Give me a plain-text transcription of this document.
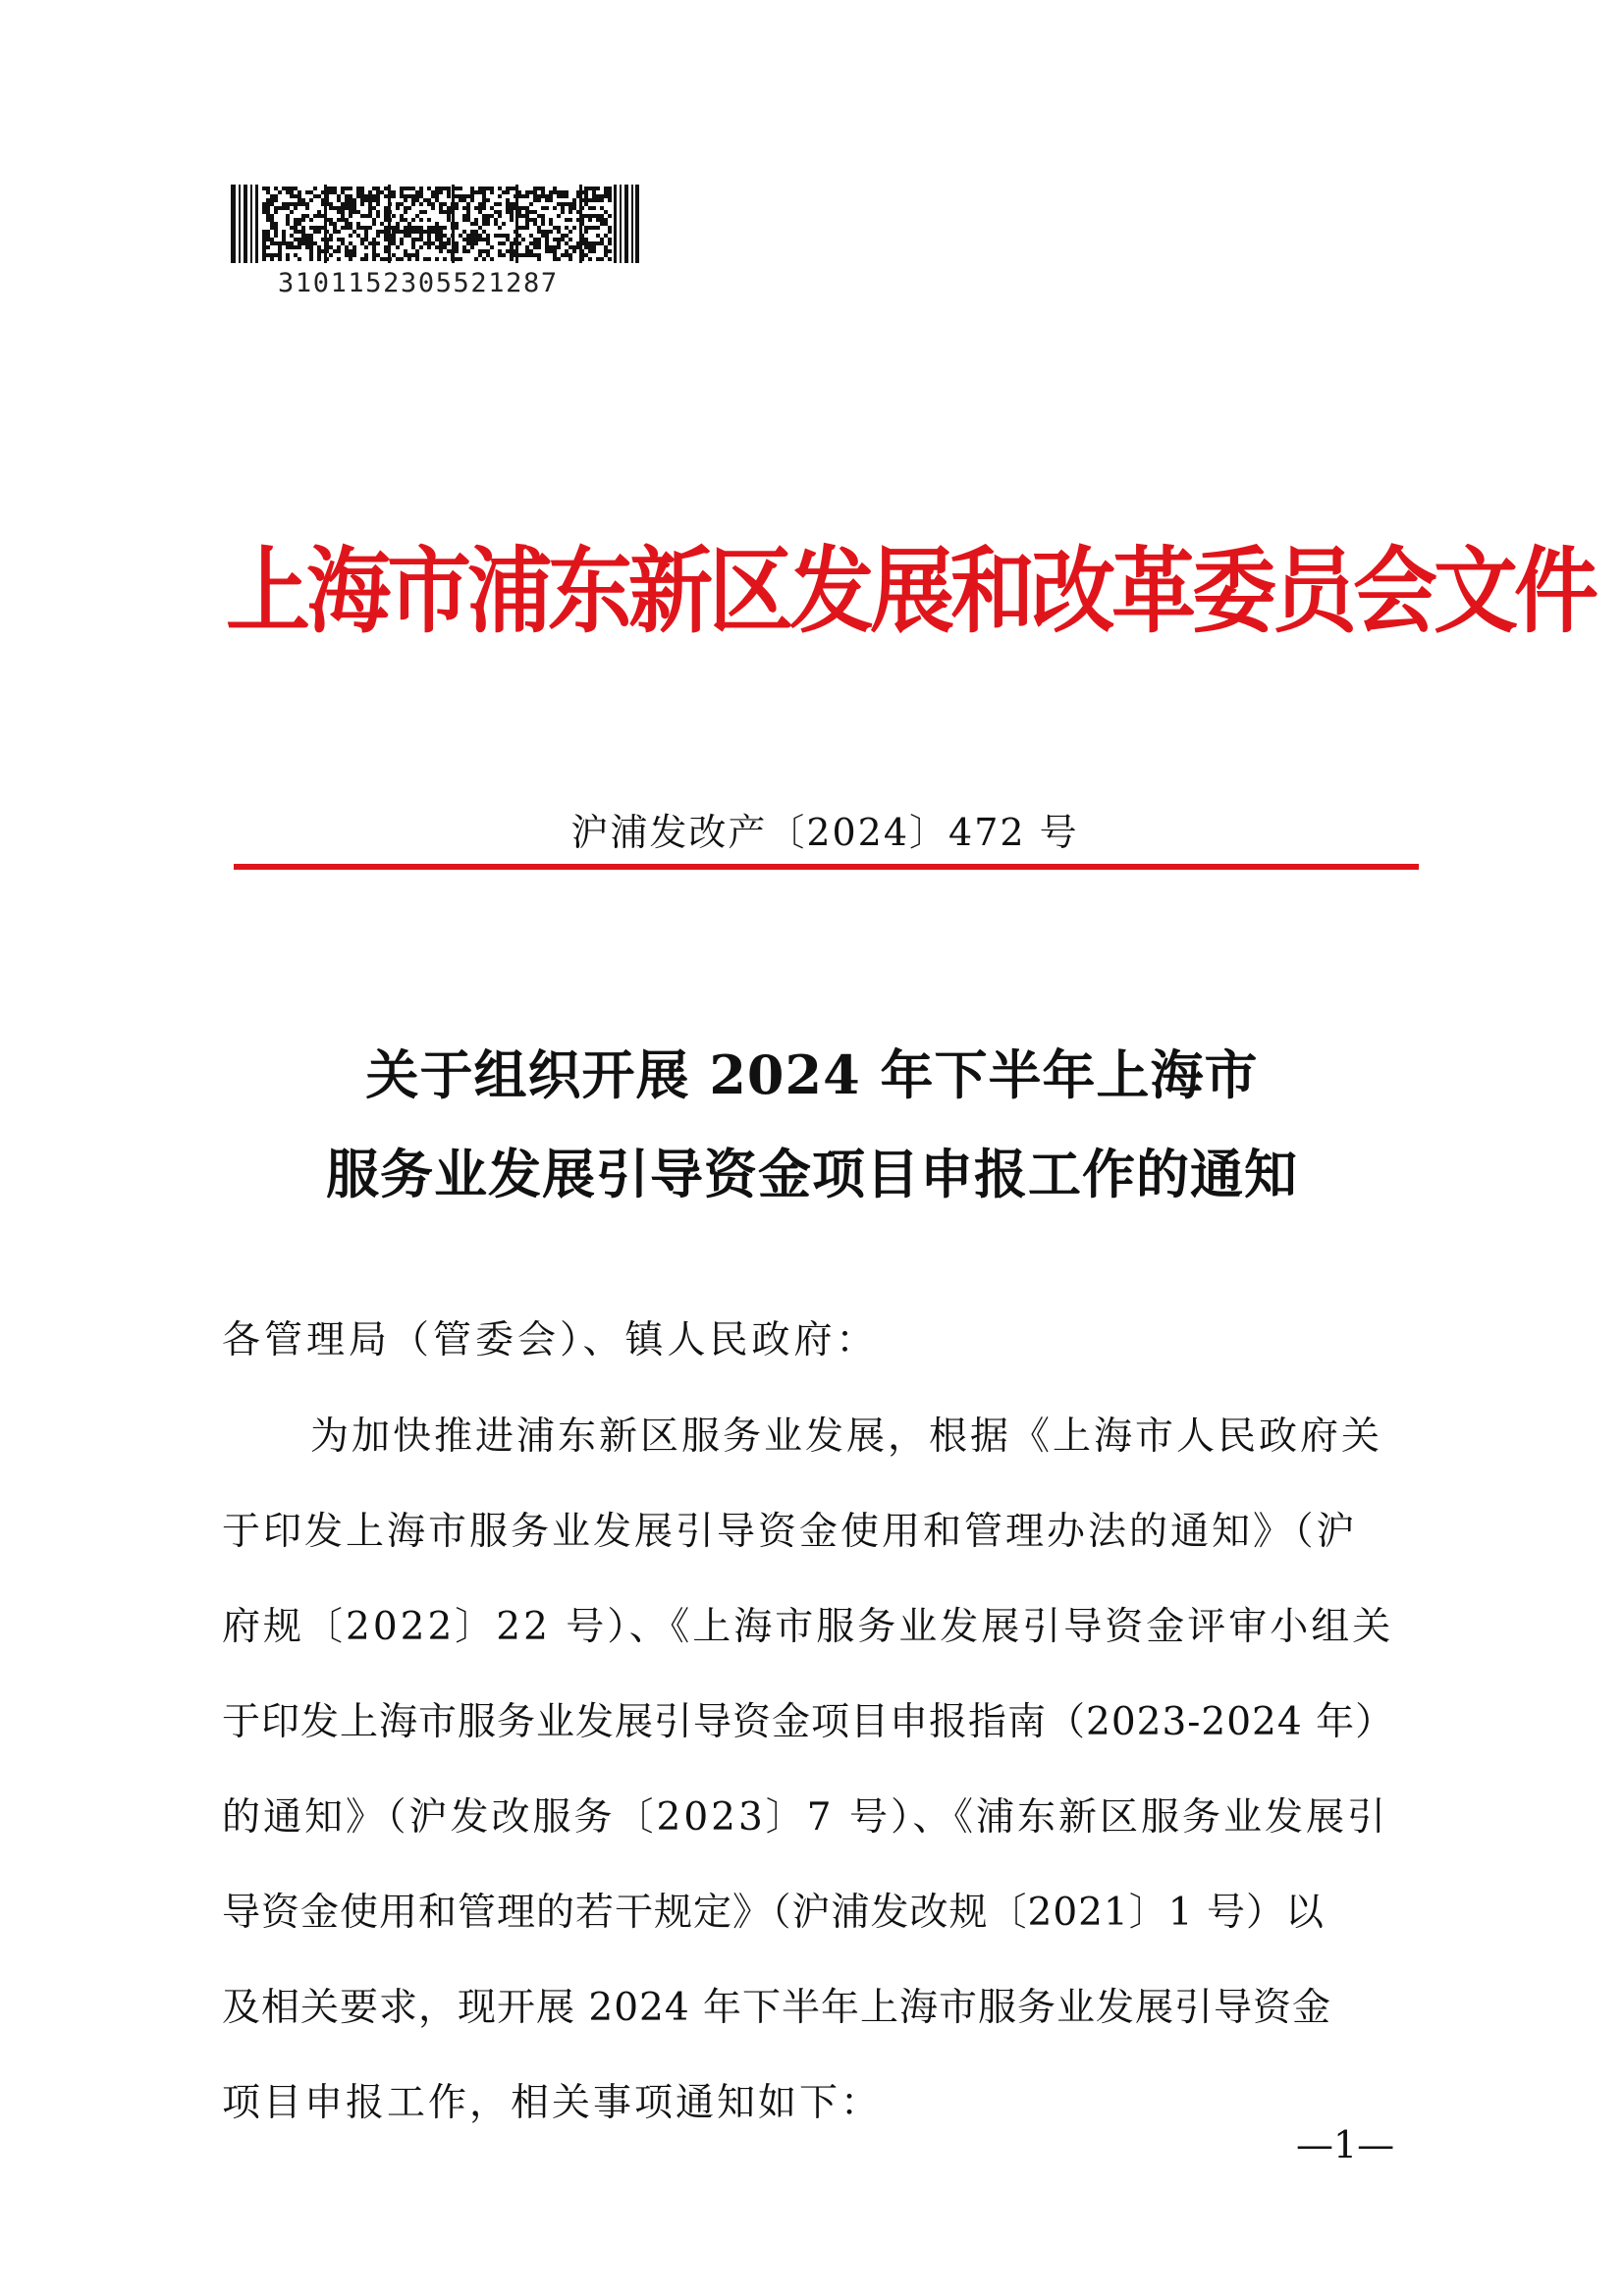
3101152305521287
上海市浦东新区发展和改革委员会文件
沪浦发改产〔2024〕472 号
关于组织开展 2024 年下半年上海市
服务业发展引导资金项目申报工作的通知
各管理局（管委会）、镇人民政府：
为加快推进浦东新区服务业发展，根据《上海市人民政府关
于印发上海市服务业发展引导资金使用和管理办法的通知》（沪
府规〔2022〕22 号）、《上海市服务业发展引导资金评审小组关
于印发上海市服务业发展引导资金项目申报指南（2023-2024 年）
的通知》（沪发改服务〔2023〕7 号）、《浦东新区服务业发展引
导资金使用和管理的若干规定》（沪浦发改规〔2021〕1 号）以
及相关要求，现开展 2024 年下半年上海市服务业发展引导资金
项目申报工作，相关事项通知如下：
—1—
